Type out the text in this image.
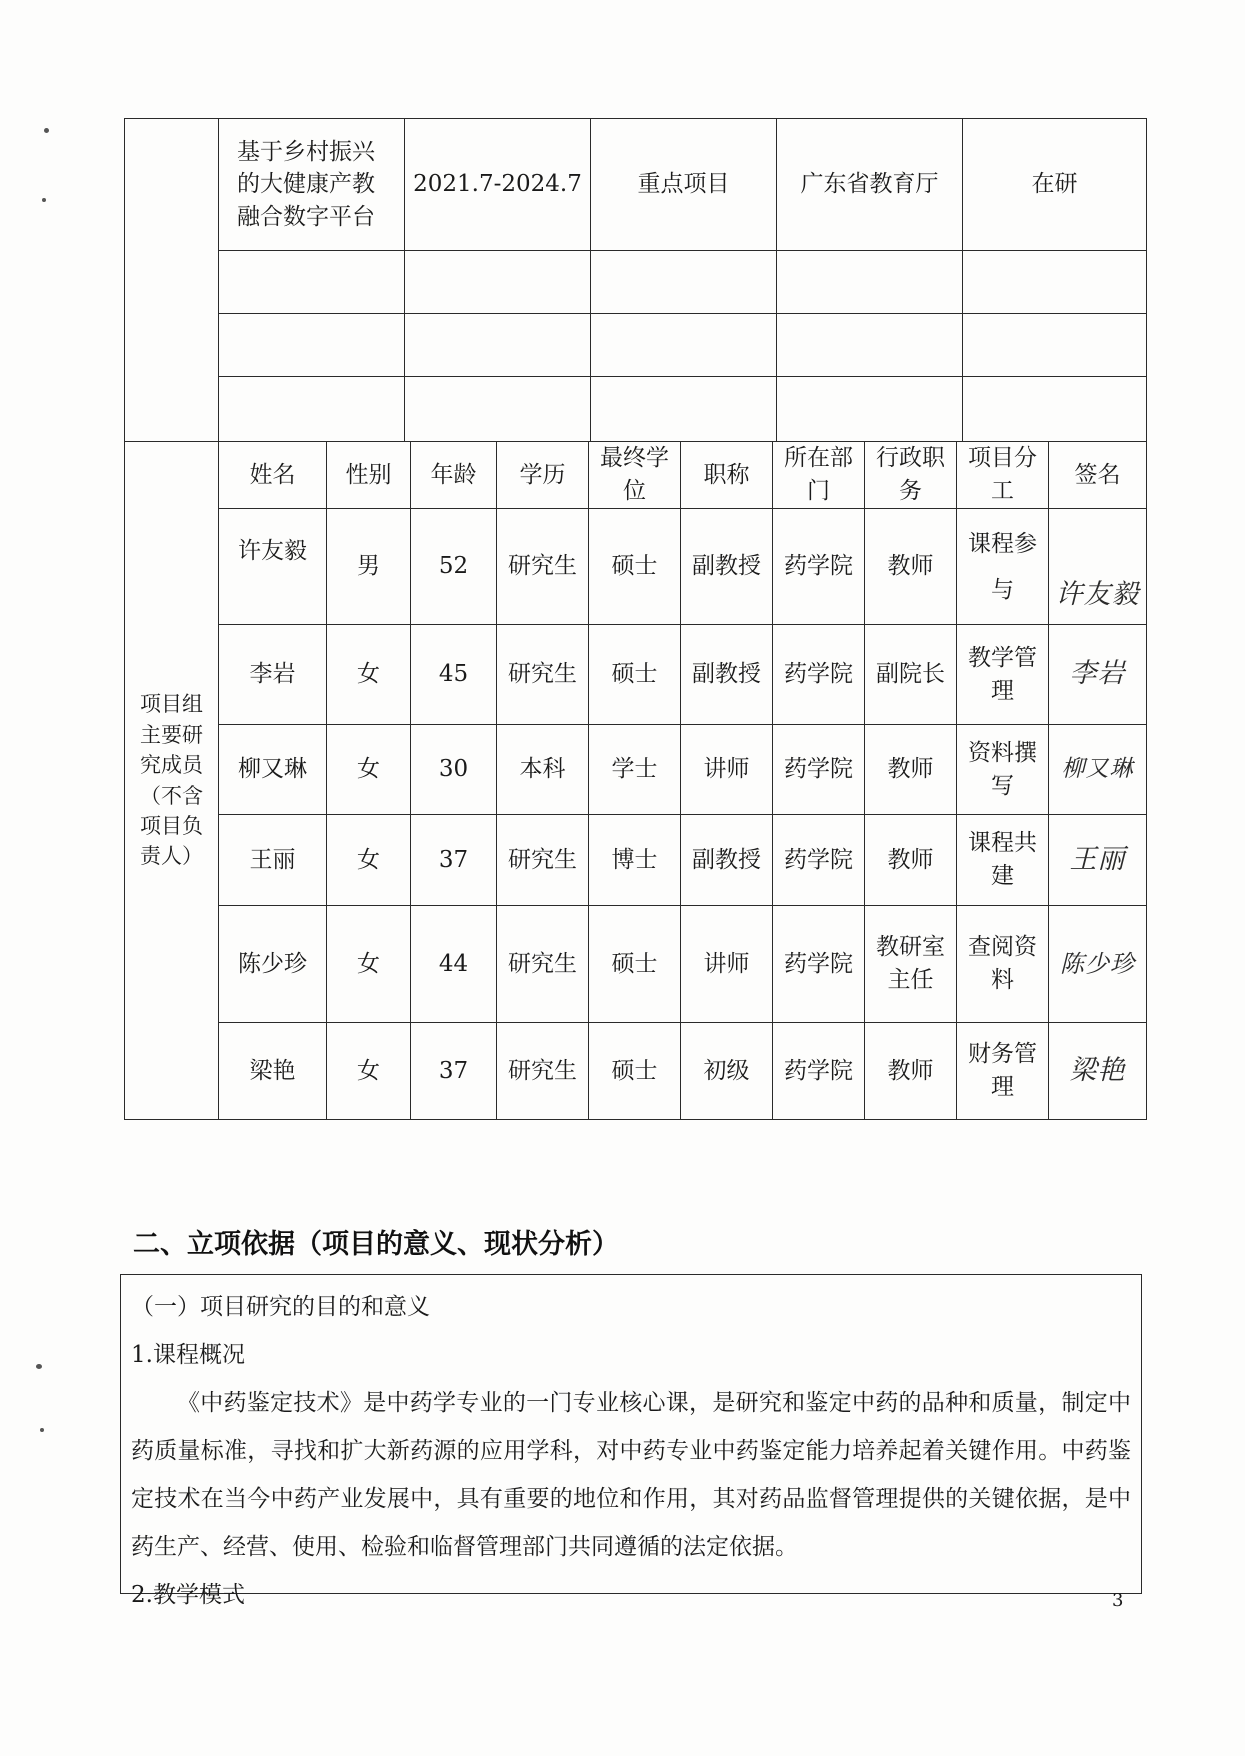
	基于乡村振兴的大健康产教融合数字平台	2021.7-2024.7	重点项目	广东省教育厅	在研

项目组主要研究成员（不含项目负责人）	姓名	性别	年龄	学历	最终学位	职称	所在部门	行政职务	项目分工	签名
	许友毅	男	52	研究生	硕士	副教授	药学院	教师	课程参与	许友毅
	李岩	女	45	研究生	硕士	副教授	药学院	副院长	教学管理	李岩
	柳又琳	女	30	本科	学士	讲师	药学院	教师	资料撰写	柳又琳
	王丽	女	37	研究生	博士	副教授	药学院	教师	课程共建	王丽
	陈少珍	女	44	研究生	硕士	讲师	药学院	教研室主任	查阅资料	陈少珍
	梁艳	女	37	研究生	硕士	初级	药学院	教师	财务管理	梁艳
二、立项依据（项目的意义、现状分析）

（一）项目研究的目的和意义

1.课程概况

《中药鉴定技术》是中药学专业的一门专业核心课，是研究和鉴定中药的品种和质量，制定中药质量标准，寻找和扩大新药源的应用学科，对中药专业中药鉴定能力培养起着关键作用。中药鉴定技术在当今中药产业发展中，具有重要的地位和作用，其对药品监督管理提供的关键依据，是中药生产、经营、使用、检验和临督管理部门共同遵循的法定依据。

2.教学模式	3
